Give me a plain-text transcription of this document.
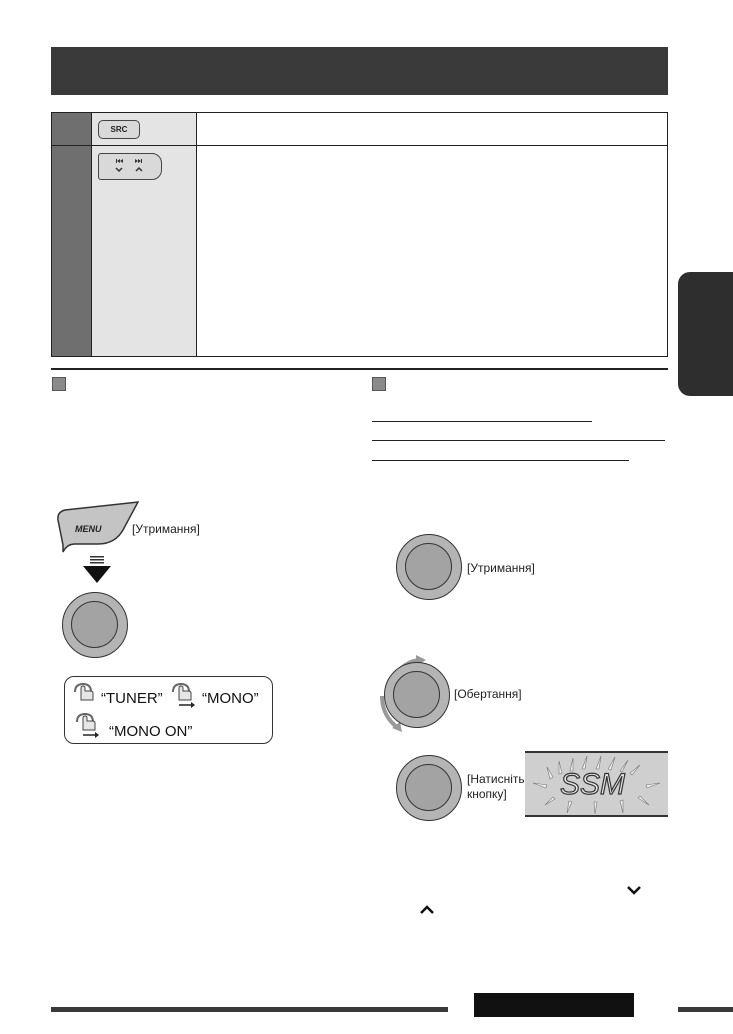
SRC
MENU	[Утримання]
“TUNER”	“MONO”
“MONO ON”
[Утримання]
[Обертання]
[Натисніть
кнопку] SSM
